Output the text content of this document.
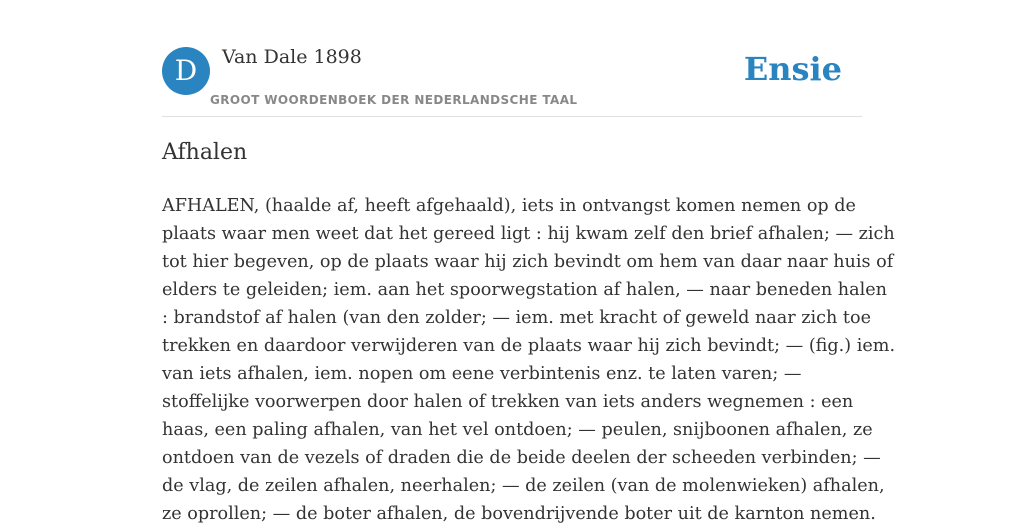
D	Van Dale 1898
GROOT WOORDENBOEK DER NEDERLANDSCHE TAAL
Ensie
Afhalen
AFHALEN, (haalde af, heeft afgehaald), iets in ontvangst komen nemen op de
plaats waar men weet dat het gereed ligt : hij kwam zelf den brief afhalen; — zich
tot hier begeven, op de plaats waar hij zich bevindt om hem van daar naar huis of
elders te geleiden; iem. aan het spoorwegstation af halen, — naar beneden halen
: brandstof af halen (van den zolder; — iem. met kracht of geweld naar zich toe
trekken en daardoor verwijderen van de plaats waar hij zich bevindt; — (fig.) iem.
van iets afhalen, iem. nopen om eene verbintenis enz. te laten varen; —
stoffelijke voorwerpen door halen of trekken van iets anders wegnemen : een
haas, een paling afhalen, van het vel ontdoen; — peulen, snijboonen afhalen, ze
ontdoen van de vezels of draden die de beide deelen der scheeden verbinden; —
de vlag, de zeilen afhalen, neerhalen; — de zeilen (van de molenwieken) afhalen,
ze oprollen; — de boter afhalen, de bovendrijvende boter uit de karnton nemen.
